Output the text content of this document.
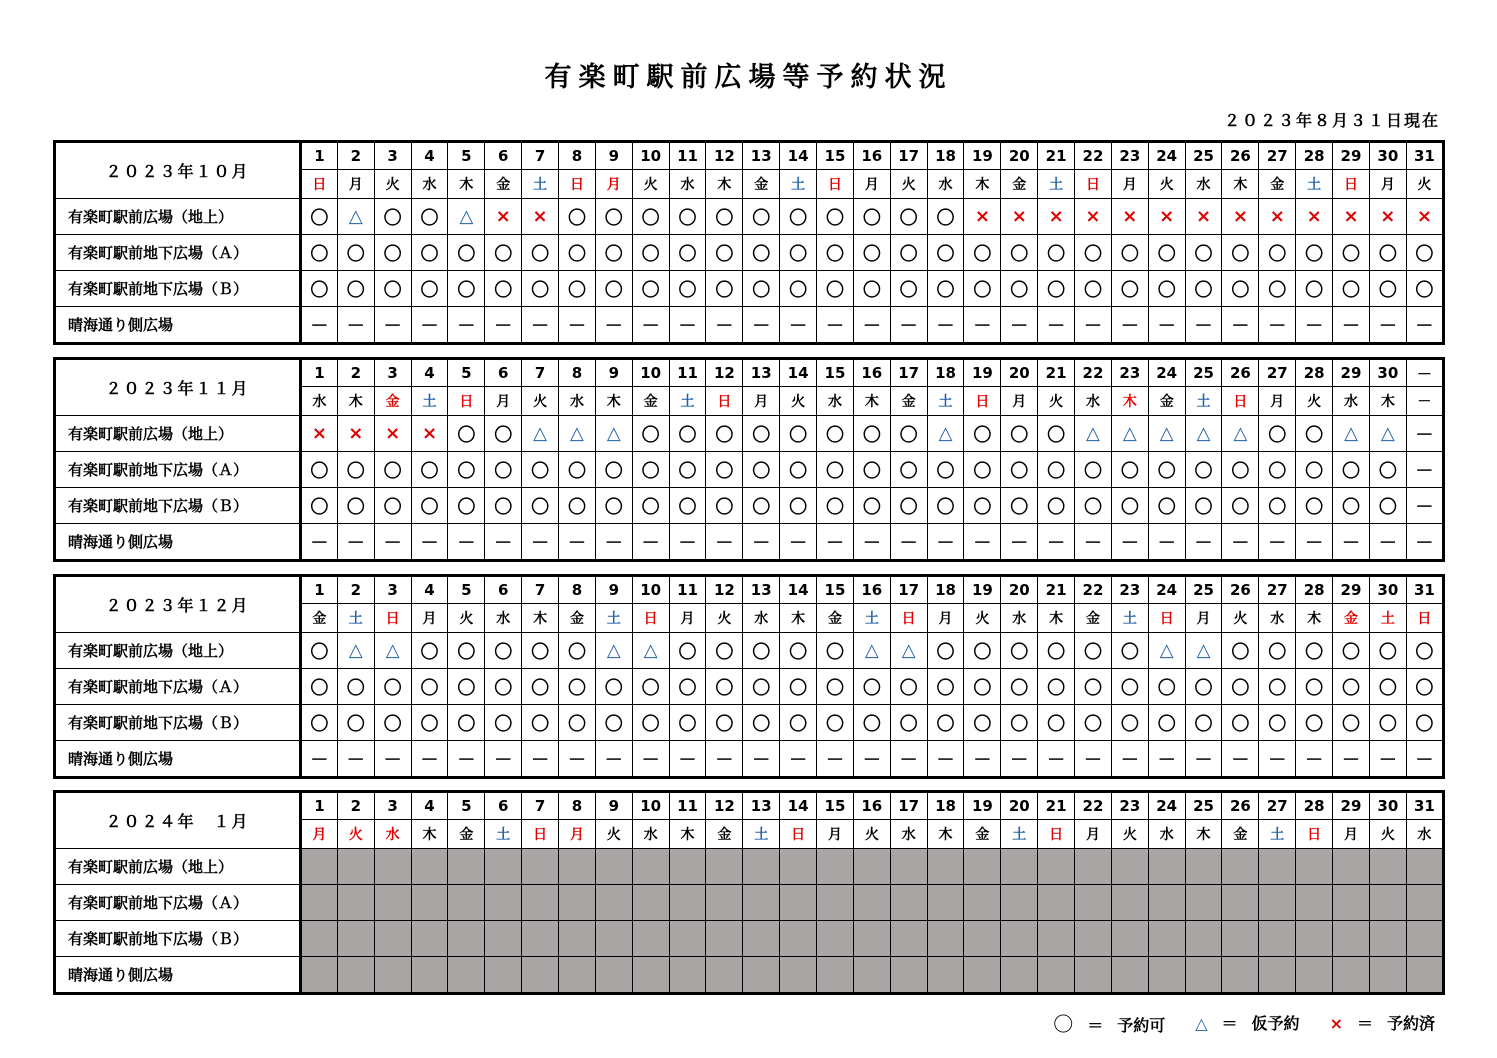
有楽町駅前広場等予約状況
２０２３年８月３１日現在
２０２３年１０月	1	2	3	4	5	6	7	8	9	10	11	12	13	14	15	16	17	18	19	20	21	22	23	24	25	26	27	28	29	30	31
	日	月	火	水	木	金	土	日	月	火	水	木	金	土	日	月	火	水	木	金	土	日	月	火	水	木	金	土	日	月	火
有楽町駅前広場（地上）	〇	△	〇	〇	△	×	×	〇	〇	〇	〇	〇	〇	〇	〇	〇	〇	〇	×	×	×	×	×	×	×	×	×	×	×	×	×
有楽町駅前地下広場（Ａ）	〇	〇	〇	〇	〇	〇	〇	〇	〇	〇	〇	〇	〇	〇	〇	〇	〇	〇	〇	〇	〇	〇	〇	〇	〇	〇	〇	〇	〇	〇	〇
有楽町駅前地下広場（Ｂ）	〇	〇	〇	〇	〇	〇	〇	〇	〇	〇	〇	〇	〇	〇	〇	〇	〇	〇	〇	〇	〇	〇	〇	〇	〇	〇	〇	〇	〇	〇	〇
晴海通り側広場	－	－	－	－	－	－	－	－	－	－	－	－	－	－	－	－	－	－	－	－	－	－	－	－	－	－	－	－	－	－	－
２０２３年１１月	1	2	3	4	5	6	7	8	9	10	11	12	13	14	15	16	17	18	19	20	21	22	23	24	25	26	27	28	29	30	－
	水	木	金	土	日	月	火	水	木	金	土	日	月	火	水	木	金	土	日	月	火	水	木	金	土	日	月	火	水	木	－
有楽町駅前広場（地上）	×	×	×	×	〇	〇	△	△	△	〇	〇	〇	〇	〇	〇	〇	〇	△	〇	〇	〇	△	△	△	△	△	〇	〇	△	△	－
有楽町駅前地下広場（Ａ）	〇	〇	〇	〇	〇	〇	〇	〇	〇	〇	〇	〇	〇	〇	〇	〇	〇	〇	〇	〇	〇	〇	〇	〇	〇	〇	〇	〇	〇	〇	－
有楽町駅前地下広場（Ｂ）	〇	〇	〇	〇	〇	〇	〇	〇	〇	〇	〇	〇	〇	〇	〇	〇	〇	〇	〇	〇	〇	〇	〇	〇	〇	〇	〇	〇	〇	〇	－
晴海通り側広場	－	－	－	－	－	－	－	－	－	－	－	－	－	－	－	－	－	－	－	－	－	－	－	－	－	－	－	－	－	－	－
２０２３年１２月	1	2	3	4	5	6	7	8	9	10	11	12	13	14	15	16	17	18	19	20	21	22	23	24	25	26	27	28	29	30	31
	金	土	日	月	火	水	木	金	土	日	月	火	水	木	金	土	日	月	火	水	木	金	土	日	月	火	水	木	金	土	日
有楽町駅前広場（地上）	〇	△	△	〇	〇	〇	〇	〇	△	△	〇	〇	〇	〇	〇	△	△	〇	〇	〇	〇	〇	〇	△	△	〇	〇	〇	〇	〇	〇
有楽町駅前地下広場（Ａ）	〇	〇	〇	〇	〇	〇	〇	〇	〇	〇	〇	〇	〇	〇	〇	〇	〇	〇	〇	〇	〇	〇	〇	〇	〇	〇	〇	〇	〇	〇	〇
有楽町駅前地下広場（Ｂ）	〇	〇	〇	〇	〇	〇	〇	〇	〇	〇	〇	〇	〇	〇	〇	〇	〇	〇	〇	〇	〇	〇	〇	〇	〇	〇	〇	〇	〇	〇	〇
晴海通り側広場	－	－	－	－	－	－	－	－	－	－	－	－	－	－	－	－	－	－	－	－	－	－	－	－	－	－	－	－	－	－	－
２０２４年　１月	1	2	3	4	5	6	7	8	9	10	11	12	13	14	15	16	17	18	19	20	21	22	23	24	25	26	27	28	29	30	31
	月	火	水	木	金	土	日	月	火	水	木	金	土	日	月	火	水	木	金	土	日	月	火	水	木	金	土	日	月	火	水
有楽町駅前広場（地上）																															
有楽町駅前地下広場（Ａ）																															
有楽町駅前地下広場（Ｂ）																															
晴海通り側広場																															
〇 ＝ 予約可 △ ＝ 仮予約 × ＝ 予約済
